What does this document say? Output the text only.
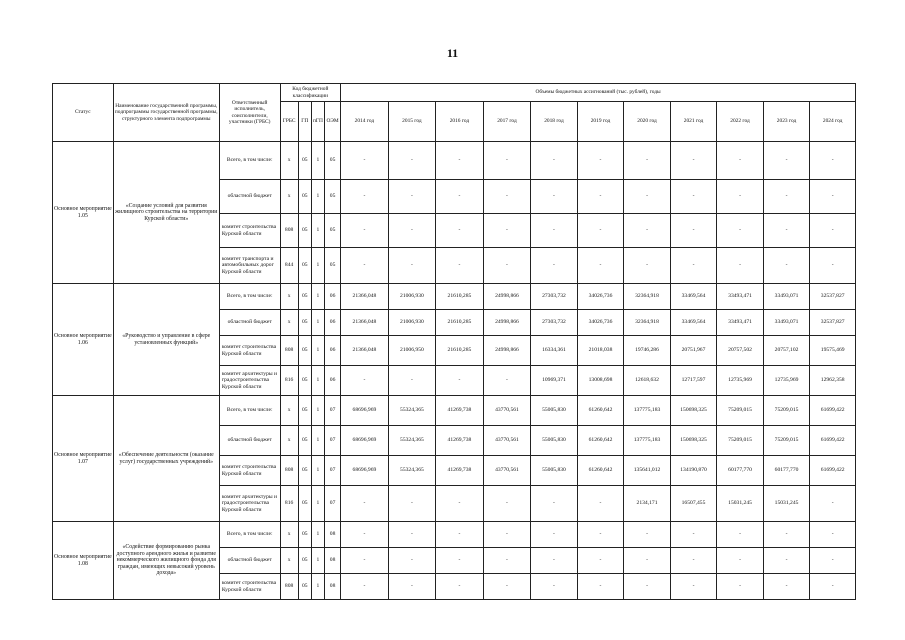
11
Статус	Наименование государственной программы, подпрограммы государственной программы, структурного элемента подпрограммы	Ответственный исполнитель, соисполнители, участники (ГРБС)	Код бюджетной классификации				Объемы бюджетных ассигнований (тыс. рублей), годы										
			ГРБС	ГП	пГП	ОЭМ	2014 год	2015 год	2016 год	2017 год	2018 год	2019 год	2020 год	2021 год	2022 год	2023 год	2024 год
Основное мероприятие 1.05	«Создание условий для развития жилищного строительства на территории Курской области»	Всего, в том числе:	х	05	1	05	-	-	-	-	-	-	-	-	-	-	-
		областной бюджет	х	05	1	05	-	-	-	-	-	-	-	-	-	-	-
		комитет строительства Курской области	808	05	1	05	-	-	-	-	-	-	-	-	-	-	-
		комитет транспорта и автомобильных дорог Курской области	844	05	1	05	-	-	-	-	-	-	-	-	-	-	-
Основное мероприятие 1.06	«Руководство и управление в сфере установленных функций»	Всего, в том числе:	х	05	1	06	21366,048	21006,930	21610,285	24998,866	27303,732	34026,736	32364,918	33469,564	33493,471	33493,071	32537,827
		областной бюджет	х	05	1	06	21366,048	21006,930	21610,285	24998,866	27303,732	34026,736	32364,918	33469,564	33493,471	33493,071	32537,827
		комитет строительства Курской области	808	05	1	06	21366,048	21006,950	21610,285	24998,866	16334,361	21018,038	19746,286	20751,967	20757,502	20757,102	19575,469
		комитет архитектуры и градостроительства Курской области	816	05	1	06	-	-	-	-	10969,371	13008,698	12618,632	12717,597	12735,969	12735,969	12962,358
Основное мероприятие 1.07	«Обеспечение деятельности (оказание услуг) государственных учреждений»	Всего, в том числе:	х	05	1	07	68696,969	55324,365	41269,738	43770,561	55005,830	61260,642	137775,183	150698,325	75209,015	75209,015	61699,422
		областной бюджет	х	05	1	07	68696,969	55324,365	41269,738	43770,561	55005,830	61260,642	137775,183	150698,325	75209,015	75209,015	61699,422
		комитет строительства Курской области	808	05	1	07	68696,969	55324,365	41269,738	43770,561	55005,830	61260,642	135641,012	134190,870	60177,770	60177,770	61699,422
		комитет архитектуры и градостроительства Курской области	816	05	1	07	-	-	-	-	-	-	2134,171	16507,455	15031,245	15031,245	-
Основное мероприятие 1.08	«Содействие формированию рынка доступного арендного жилья и развитие некоммерческого жилищного фонда для граждан, имеющих невысокий уровень дохода»	Всего, в том числе:	х	05	1	08	-	-	-	-	-	-	-	-	-	-	-
		областной бюджет	х	05	1	08	-	-	-	-	-	-	-	-	-	-	-
		комитет строительства Курской области	808	05	1	08	-	-	-	-	-	-	-	-	-	-	-
